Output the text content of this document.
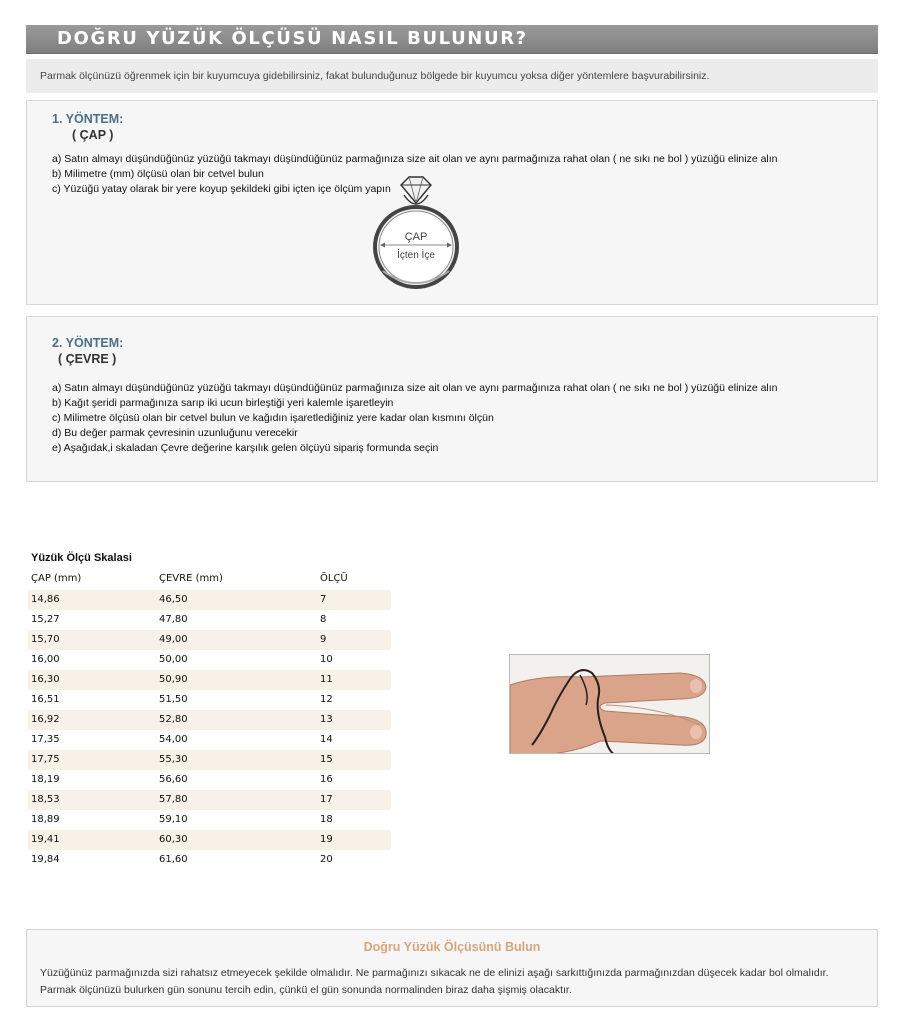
DOĞRU YÜZÜK ÖLÇÜSÜ NASIL BULUNUR?

Parmak ölçünüzü öğrenmek için bir kuyumcuya gidebilirsiniz, fakat bulunduğunuz bölgede bir kuyumcu yoksa diğer yöntemlere başvurabilirsiniz.

1. YÖNTEM:
( ÇAP )
a) Satın almayı düşündüğünüz yüzüğü takmayı düşündüğünüz parmağınıza size ait olan ve aynı parmağınıza rahat olan ( ne sıkı ne bol ) yüzüğü elinize alın
b) Milimetre (mm) ölçüsü olan bir cetvel bulun
c) Yüzüğü yatay olarak bir yere koyup şekildeki gibi içten içe ölçüm yapın
ÇAP
İçten İçe
2. YÖNTEM:
( ÇEVRE )
a) Satın almayı düşündüğünüz yüzüğü takmayı düşündüğünüz parmağınıza size ait olan ve aynı parmağınıza rahat olan ( ne sıkı ne bol ) yüzüğü elinize alın
b) Kağıt şeridi parmağınıza sarıp iki ucun birleştiği yeri kalemle işaretleyin
c) Milimetre ölçüsü olan bir cetvel bulun ve kağıdın işaretlediğiniz yere kadar olan kısmını ölçün
d) Bu değer parmak çevresinin uzunluğunu verecekir
e) Aşağıdak,i skaladan Çevre değerine karşılık gelen ölçüyü sipariş formunda seçin
Yüzük Ölçü Skalasi
ÇAP (mm)	ÇEVRE (mm)	ÖLÇÜ
14,86	46,50	7
15,27	47,80	8
15,70	49,00	9
16,00	50,00	10
16,30	50,90	11
16,51	51,50	12
16,92	52,80	13
17,35	54,00	14
17,75	55,30	15
18,19	56,60	16
18,53	57,80	17
18,89	59,10	18
19,41	60,30	19
19,84	61,60	20
Doğru Yüzük Ölçüsünü Bulun
Yüzüğünüz parmağınızda sizi rahatsız etmeyecek şekilde olmalıdır. Ne parmağınızı sıkacak ne de elinizi aşağı sarkıttığınızda parmağınızdan düşecek kadar bol olmalıdır. Parmak ölçünüzü bulurken gün sonunu tercih edin, çünkü el gün sonunda normalinden biraz daha şişmiş olacaktır.
